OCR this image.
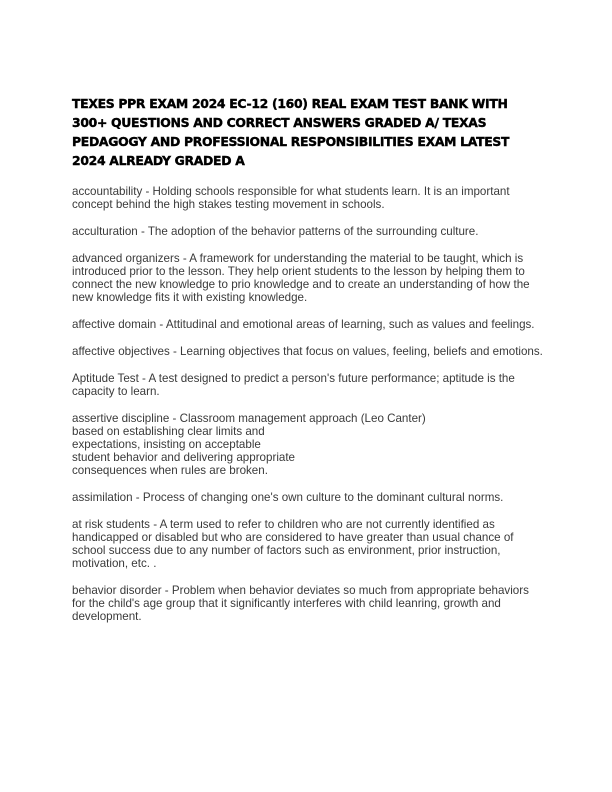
TEXES PPR EXAM 2024 EC-12 (160) REAL EXAM TEST BANK WITH 300+ QUESTIONS AND CORRECT ANSWERS GRADED A/ TEXAS PEDAGOGY AND PROFESSIONAL RESPONSIBILITIES EXAM LATEST 2024 ALREADY GRADED A

accountability - Holding schools responsible for what students learn. It is an important concept behind the high stakes testing movement in schools.

acculturation - The adoption of the behavior patterns of the surrounding culture.

advanced organizers - A framework for understanding the material to be taught, which is introduced prior to the lesson. They help orient students to the lesson by helping them to connect the new knowledge to prio knowledge and to create an understanding of how the new knowledge fits it with existing knowledge.

affective domain - Attitudinal and emotional areas of learning, such as values and feelings.

affective objectives - Learning objectives that focus on values, feeling, beliefs and emotions.

Aptitude Test - A test designed to predict a person's future performance; aptitude is the capacity to learn.

assertive discipline - Classroom management approach (Leo Canter)
based on establishing clear limits and
expectations, insisting on acceptable
student behavior and delivering appropriate
consequences when rules are broken.

assimilation - Process of changing one's own culture to the dominant cultural norms.

at risk students - A term used to refer to children who are not currently identified as handicapped or disabled but who are considered to have greater than usual chance of school success due to any number of factors such as environment, prior instruction, motivation, etc. .

behavior disorder - Problem when behavior deviates so much from appropriate behaviors for the child's age group that it significantly interferes with child leanring, growth and development.
